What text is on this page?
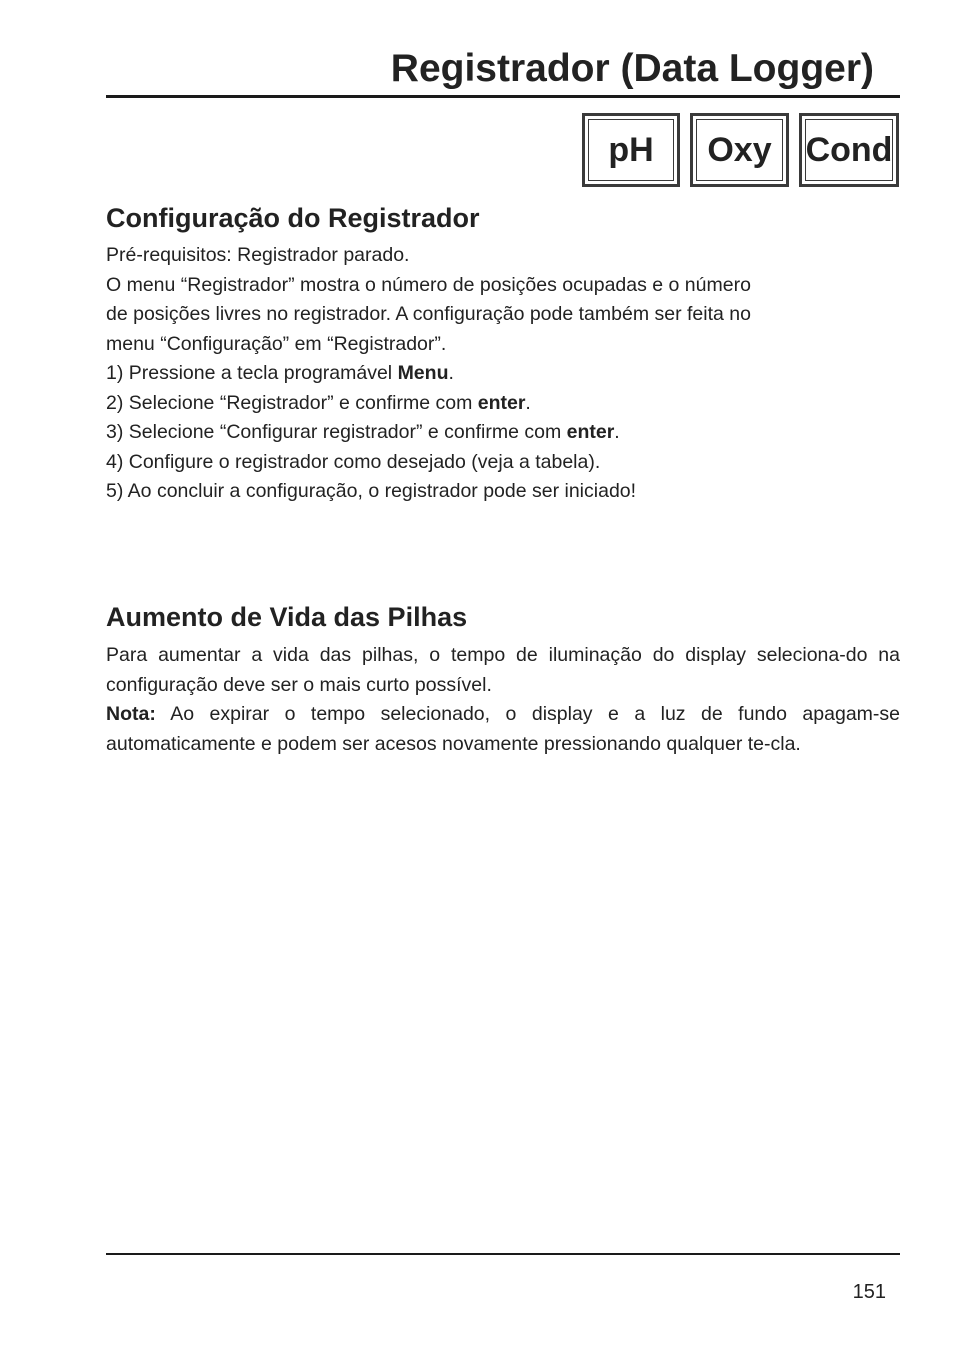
Registrador (Data Logger)
pH	Oxy Cond
Configuração do Registrador

Pré-requisitos: Registrador parado.

O menu “Registrador” mostra o número de posições ocupadas e o número

de posições livres no registrador. A configuração pode também ser feita no

menu “Configuração” em “Registrador”.

1) Pressione a tecla programável Menu.

2) Selecione “Registrador” e confirme com enter.

3) Selecione “Configurar registrador” e confirme com enter.

4) Configure o registrador como desejado (veja a tabela).

5) Ao concluir a configuração, o registrador pode ser iniciado!

Aumento de Vida das Pilhas

Para aumentar a vida das pilhas, o tempo de iluminação do display seleciona-do na configuração deve ser o mais curto possível.

Nota: Ao expirar o tempo selecionado, o display e a luz de fundo apagam-se automaticamente e podem ser acesos novamente pressionando qualquer te-cla.

151
